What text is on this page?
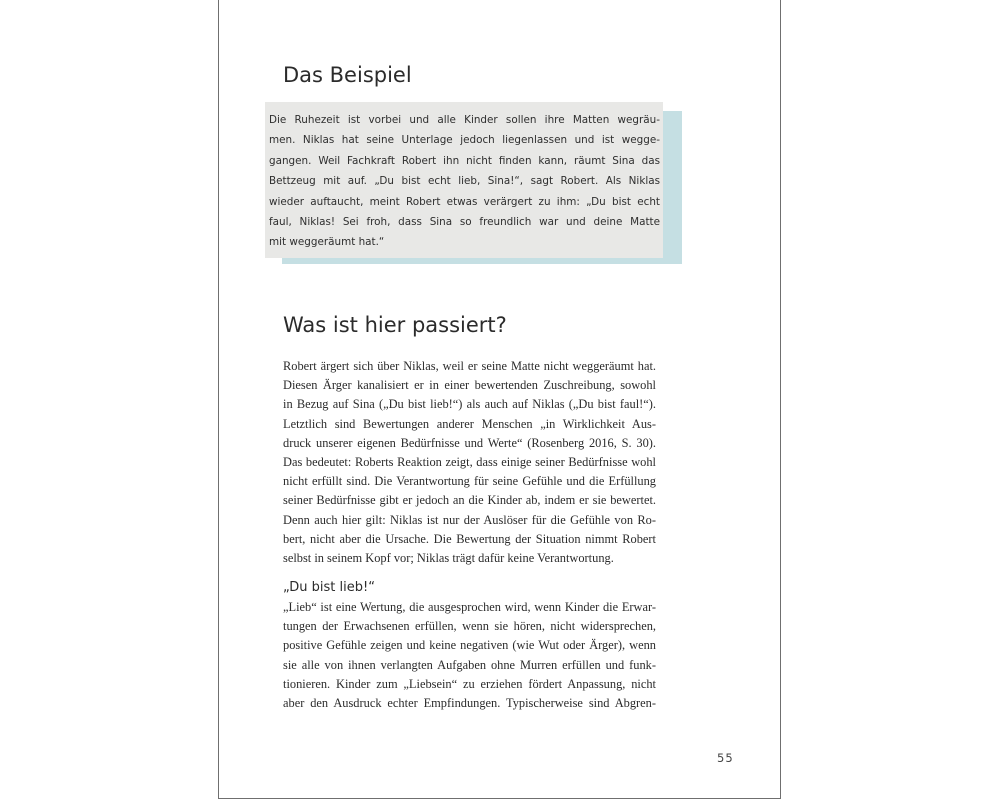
Das Beispiel

Die Ruhezeit ist vorbei und alle Kinder sollen ihre Matten wegräu-
men. Niklas hat seine Unterlage jedoch liegenlassen und ist wegge-
gangen. Weil Fachkraft Robert ihn nicht finden kann, räumt Sina das
Bettzeug mit auf. „Du bist echt lieb, Sina!“, sagt Robert. Als Niklas
wieder auftaucht, meint Robert etwas verärgert zu ihm: „Du bist echt
faul, Niklas! Sei froh, dass Sina so freundlich war und deine Matte
mit weggeräumt hat.“

Was ist hier passiert?

Robert ärgert sich über Niklas, weil er seine Matte nicht weggeräumt hat.
Diesen Ärger kanalisiert er in einer bewertenden Zuschreibung, sowohl
in Bezug auf Sina („Du bist lieb!“) als auch auf Niklas („Du bist faul!“).
Letztlich sind Bewertungen anderer Menschen „in Wirklichkeit Aus-
druck unserer eigenen Bedürfnisse und Werte“ (Rosenberg 2016, S. 30).
Das bedeutet: Roberts Reaktion zeigt, dass einige seiner Bedürfnisse wohl
nicht erfüllt sind. Die Verantwortung für seine Gefühle und die Erfüllung
seiner Bedürfnisse gibt er jedoch an die Kinder ab, indem er sie bewertet.
Denn auch hier gilt: Niklas ist nur der Auslöser für die Gefühle von Ro-
bert, nicht aber die Ursache. Die Bewertung der Situation nimmt Robert
selbst in seinem Kopf vor; Niklas trägt dafür keine Verantwortung.

„Du bist lieb!“

„Lieb“ ist eine Wertung, die ausgesprochen wird, wenn Kinder die Erwar-
tungen der Erwachsenen erfüllen, wenn sie hören, nicht widersprechen,
positive Gefühle zeigen und keine negativen (wie Wut oder Ärger), wenn
sie alle von ihnen verlangten Aufgaben ohne Murren erfüllen und funk-
tionieren. Kinder zum „Liebsein“ zu erziehen fördert Anpassung, nicht
aber den Ausdruck echter Empfindungen. Typischerweise sind Abgren-

55
